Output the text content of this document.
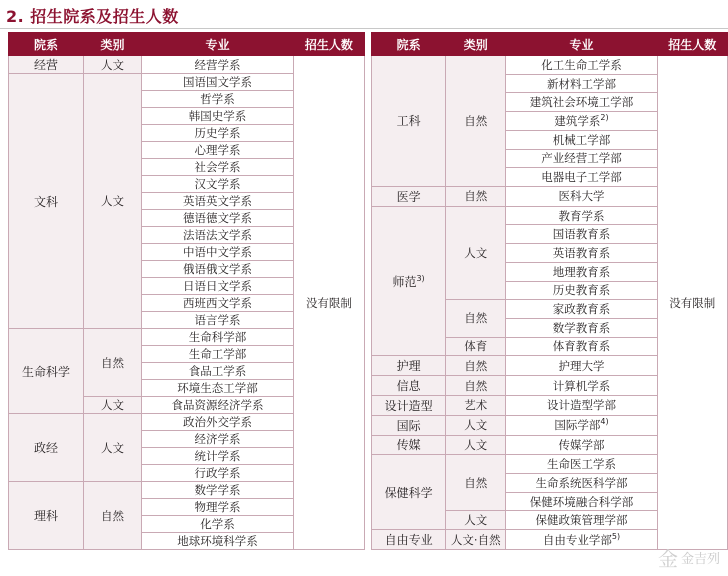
2. 招生院系及招生人数
院系	类别	专业	招生人数
经营	人文	经营学系	没有限制
文科	人文	国语国文学系	
		哲学系	
		韩国史学系	
		历史学系	
		心理学系	
		社会学系	
		汉文学系	
		英语英文学系	
		德语德文学系	
		法语法文学系	
		中语中文学系	
		俄语俄文学系	
		日语日文学系	
		西班西文学系	
		语言学系	
生命科学	自然	生命科学部	
		生命工学部	
		食品工学系	
		环境生态工学部	
	人文	食品资源经济学系	
政经	人文	政治外交学系	
		经济学系	
		统计学系	
		行政学系	
理科	自然	数学学系	
		物理学系	
		化学系	
		地球环境科学系	
院系	类别	专业	招生人数
工科	自然	化工生命工学系	没有限制
		新材料工学部	
		建筑社会环境工学部	
		建筑学系$^{2)}$
		机械工学部	
		产业经营工学部	
		电器电子工学部	
医学	自然	医科大学	
师范$^{3)}$	人文	教育学系	
		国语教育系	
		英语教育系	
		地理教育系	
		历史教育系	
	自然	家政教育系	
		数学教育系	
	体育	体育教育系	
护理	自然	护理大学	
信息	自然	计算机学系	
设计造型	艺术	设计造型学部	
国际	人文	国际学部$^{4)}$
传媒	人文	传媒学部	
保健科学	自然	生命医工学系	
		生命系统医科学部	
		保健环境融合科学部	
	人文	保健政策管理学部	
自由专业	人文·自然	自由专业学部$^{5)}$
金 金吉列
